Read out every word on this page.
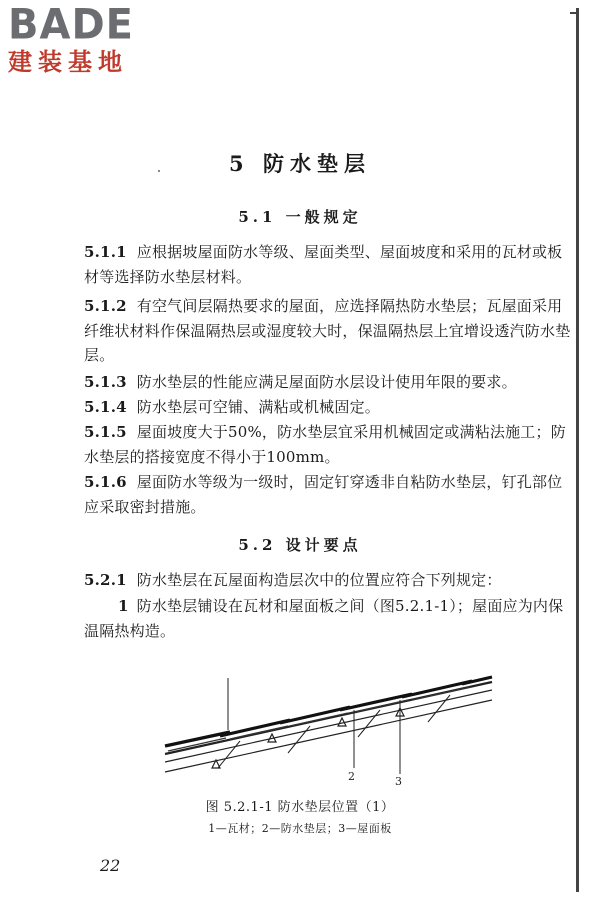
BADE
建装基地
5 防水垫层
5.1 一般规定
5.1.1 应根据坡屋面防水等级、屋面类型、屋面坡度和采用的瓦材或板材等选择防水垫层材料。
5.1.2 有空气间层隔热要求的屋面，应选择隔热防水垫层；瓦屋面采用纤维状材料作保温隔热层或湿度较大时，保温隔热层上宜增设透汽防水垫层。
5.1.3 防水垫层的性能应满足屋面防水层设计使用年限的要求。
5.1.4 防水垫层可空铺、满粘或机械固定。
5.1.5 屋面坡度大于50%，防水垫层宜采用机械固定或满粘法施工；防水垫层的搭接宽度不得小于100mm。
5.1.6 屋面防水等级为一级时，固定钉穿透非自粘防水垫层，钉孔部位应采取密封措施。
5.2 设计要点
5.2.1 防水垫层在瓦屋面构造层次中的位置应符合下列规定：
1 防水垫层铺设在瓦材和屋面板之间（图5.2.1-1）；屋面应为内保温隔热构造。
2	3
图 5.2.1-1 防水垫层位置（1）
1—瓦材；2—防水垫层；3—屋面板
22
